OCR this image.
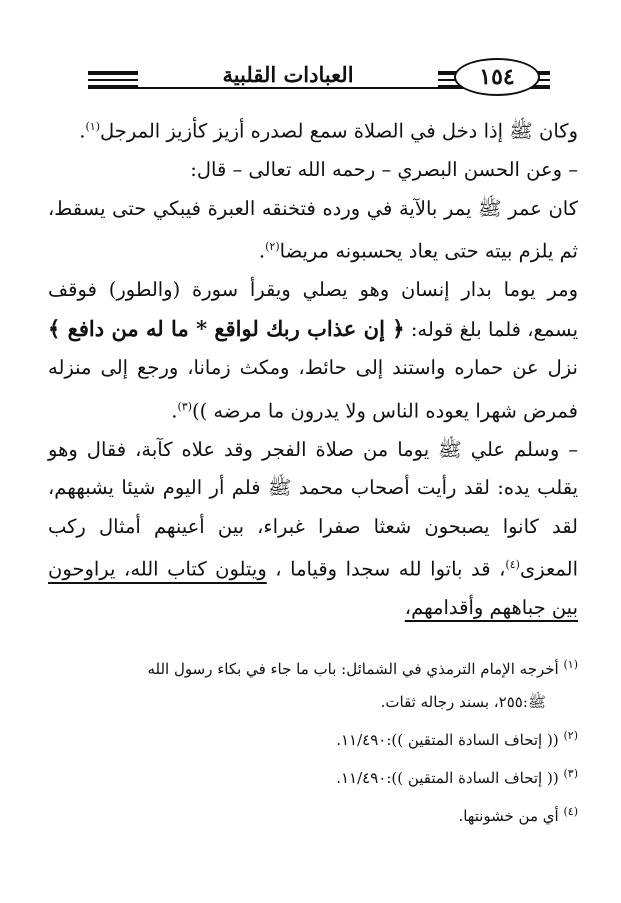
العبادات القلبية	١٥٤

وكان ﷺ إذا دخل في الصلاة سمع لصدره أزيز كأزيز المرجل$^{(١)}$.

– وعن الحسن البصري – رحمه الله تعالى – قال:

كان عمر ﷺ يمر بالآية في ورده فتخنقه العبرة فيبكي حتى يسقط، ثم يلزم بيته حتى يعاد يحسبونه مريضا$^{(٢)}$.

ومر يوما بدار إنسان وهو يصلي ويقرأ سورة (والطور) فوقف يسمع، فلما بلغ قوله: ﴿ إن عذاب ربك لواقع * ما له من دافع ﴾ نزل عن حماره واستند إلى حائط، ومكث زمانا، ورجع إلى منزله فمرض شهرا يعوده الناس ولا يدرون ما مرضه ))$^{(٣)}$.

– وسلم علي ﷺ يوما من صلاة الفجر وقد علاه كآبة، فقال وهو يقلب يده: لقد رأيت أصحاب محمد ﷺ فلم أر اليوم شيئا يشبههم، لقد كانوا يصبحون شعثا صفرا غبراء، بين أعينهم أمثال ركب المعزى$^{(٤)}$، قد باتوا لله سجدا وقياما ، ويتلون كتاب الله، يراوحون بين جباههم وأقدامهم،

$^{(١)}$ أخرجه الإمام الترمذي في الشمائل: باب ما جاء في بكاء رسول الله

ﷺ:٢٥٥، بسند رجاله ثقات.

$^{(٢)}$ (( إتحاف السادة المتقين )):١١/٤٩٠.

$^{(٣)}$ (( إتحاف السادة المتقين )):١١/٤٩٠.

$^{(٤)}$ أي من خشونتها.
